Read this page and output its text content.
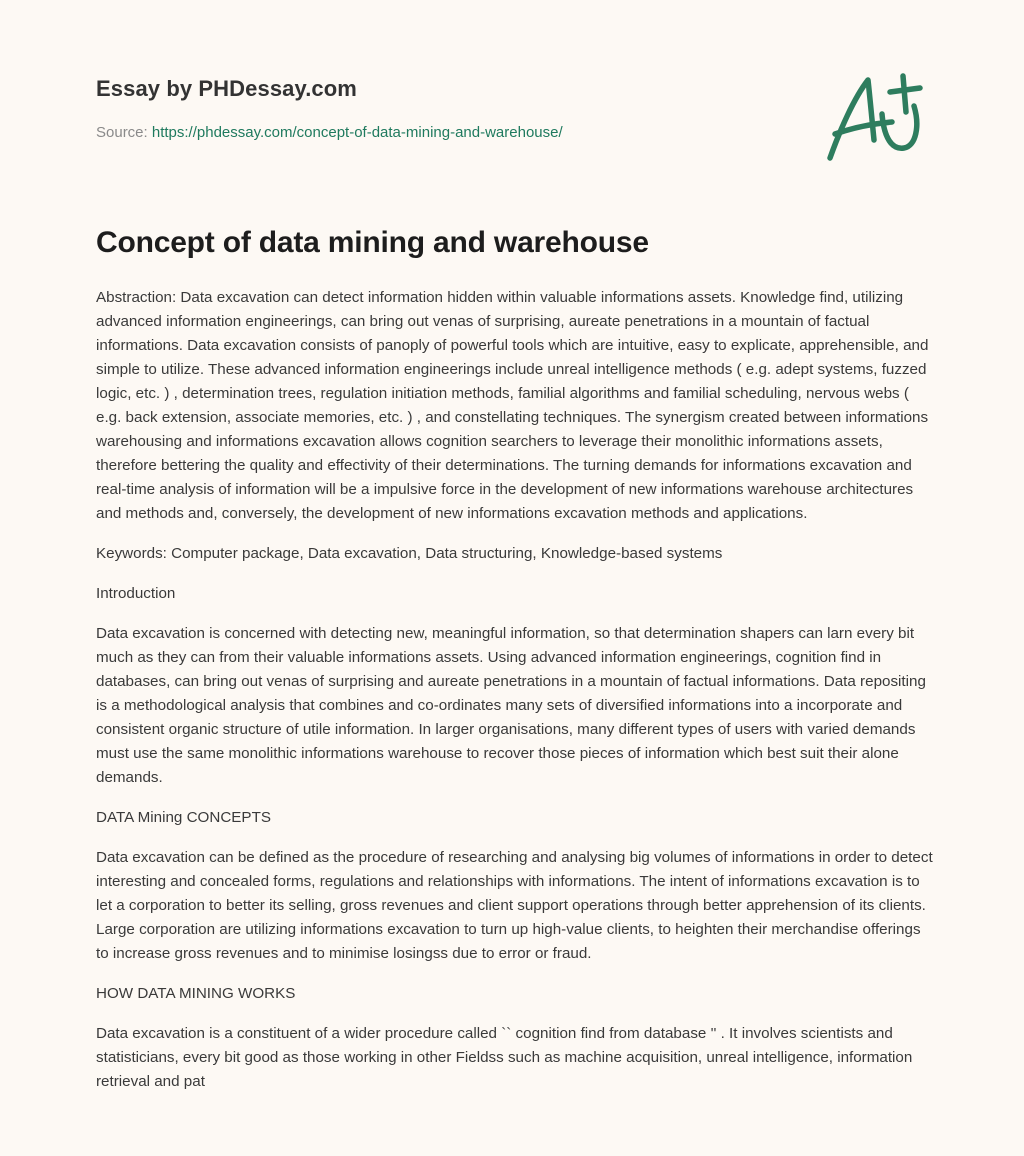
Essay by PHDessay.com
Source: https://phdessay.com/concept-of-data-mining-and-warehouse/
Concept of data mining and warehouse

Abstraction: Data excavation can detect information hidden within valuable informations assets. Knowledge find, utilizing advanced information engineerings, can bring out venas of surprising, aureate penetrations in a mountain of factual informations. Data excavation consists of panoply of powerful tools which are intuitive, easy to explicate, apprehensible, and simple to utilize. These advanced information engineerings include unreal intelligence methods ( e.g. adept systems, fuzzed logic, etc. ) , determination trees, regulation initiation methods, familial algorithms and familial scheduling, nervous webs ( e.g. back extension, associate memories, etc. ) , and constellating techniques. The synergism created between informations warehousing and informations excavation allows cognition searchers to leverage their monolithic informations assets, therefore bettering the quality and effectivity of their determinations. The turning demands for informations excavation and real-time analysis of information will be a impulsive force in the development of new informations warehouse architectures and methods and, conversely, the development of new informations excavation methods and applications.

Keywords: Computer package, Data excavation, Data structuring, Knowledge-based systems

Introduction

Data excavation is concerned with detecting new, meaningful information, so that determination shapers can larn every bit much as they can from their valuable informations assets. Using advanced information engineerings, cognition find in databases, can bring out venas of surprising and aureate penetrations in a mountain of factual informations. Data repositing is a methodological analysis that combines and co-ordinates many sets of diversified informations into a incorporate and consistent organic structure of utile information. In larger organisations, many different types of users with varied demands must use the same monolithic informations warehouse to recover those pieces of information which best suit their alone demands.

DATA Mining CONCEPTS

Data excavation can be defined as the procedure of researching and analysing big volumes of informations in order to detect interesting and concealed forms, regulations and relationships with informations. The intent of informations excavation is to let a corporation to better its selling, gross revenues and client support operations through better apprehension of its clients. Large corporation are utilizing informations excavation to turn up high-value clients, to heighten their merchandise offerings to increase gross revenues and to minimise losingss due to error or fraud.

HOW DATA MINING WORKS

Data excavation is a constituent of a wider procedure called `` cognition find from database '' . It involves scientists and statisticians, every bit good as those working in other Fieldss such as machine acquisition, unreal intelligence, information retrieval and pat
